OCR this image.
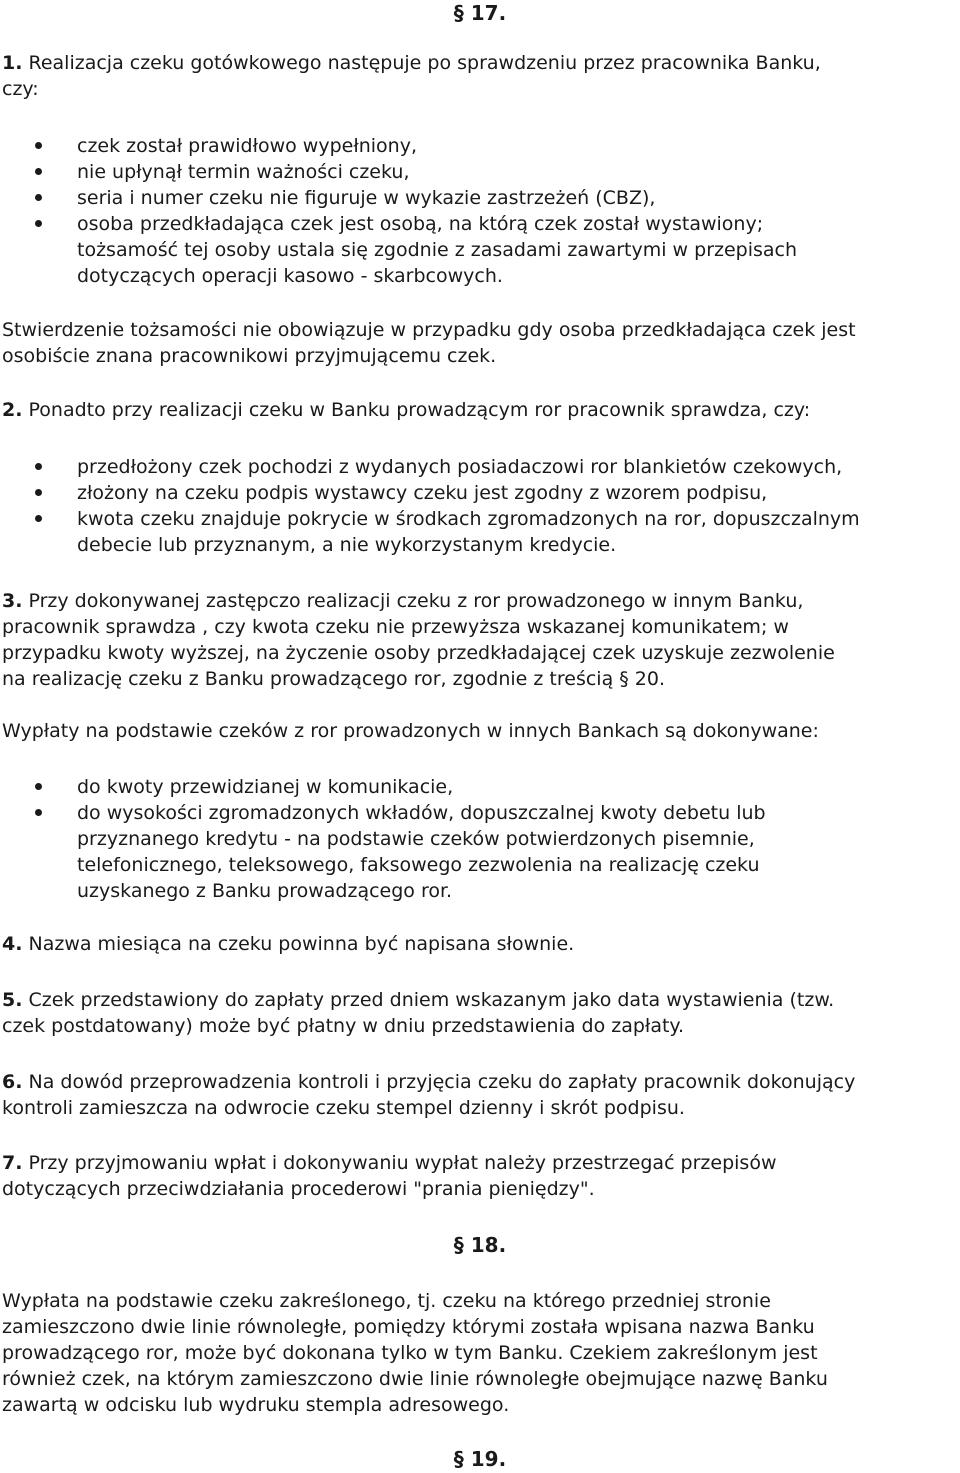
§ 17.
1. Realizacja czeku gotówkowego następuje po sprawdzeniu przez pracownika Banku,
czy:
czek został prawidłowo wypełniony,
nie upłynął termin ważności czeku,
seria i numer czeku nie figuruje w wykazie zastrzeżeń (CBZ),
osoba przedkładająca czek jest osobą, na którą czek został wystawiony;
tożsamość tej osoby ustala się zgodnie z zasadami zawartymi w przepisach
dotyczących operacji kasowo - skarbcowych.
Stwierdzenie tożsamości nie obowiązuje w przypadku gdy osoba przedkładająca czek jest
osobiście znana pracownikowi przyjmującemu czek.
2. Ponadto przy realizacji czeku w Banku prowadzącym ror pracownik sprawdza, czy:
przedłożony czek pochodzi z wydanych posiadaczowi ror blankietów czekowych,
złożony na czeku podpis wystawcy czeku jest zgodny z wzorem podpisu,
kwota czeku znajduje pokrycie w środkach zgromadzonych na ror, dopuszczalnym
debecie lub przyznanym, a nie wykorzystanym kredycie.
3. Przy dokonywanej zastępczo realizacji czeku z ror prowadzonego w innym Banku,
pracownik sprawdza , czy kwota czeku nie przewyższa wskazanej komunikatem; w
przypadku kwoty wyższej, na życzenie osoby przedkładającej czek uzyskuje zezwolenie
na realizację czeku z Banku prowadzącego ror, zgodnie z treścią § 20.
Wypłaty na podstawie czeków z ror prowadzonych w innych Bankach są dokonywane:
do kwoty przewidzianej w komunikacie,
do wysokości zgromadzonych wkładów, dopuszczalnej kwoty debetu lub
przyznanego kredytu - na podstawie czeków potwierdzonych pisemnie,
telefonicznego, teleksowego, faksowego zezwolenia na realizację czeku
uzyskanego z Banku prowadzącego ror.
4. Nazwa miesiąca na czeku powinna być napisana słownie.
5. Czek przedstawiony do zapłaty przed dniem wskazanym jako data wystawienia (tzw.
czek postdatowany) może być płatny w dniu przedstawienia do zapłaty.
6. Na dowód przeprowadzenia kontroli i przyjęcia czeku do zapłaty pracownik dokonujący
kontroli zamieszcza na odwrocie czeku stempel dzienny i skrót podpisu.
7. Przy przyjmowaniu wpłat i dokonywaniu wypłat należy przestrzegać przepisów
dotyczących przeciwdziałania procederowi "prania pieniędzy".
§ 18.
Wypłata na podstawie czeku zakreślonego, tj. czeku na którego przedniej stronie
zamieszczono dwie linie równoległe, pomiędzy którymi została wpisana nazwa Banku
prowadzącego ror, może być dokonana tylko w tym Banku. Czekiem zakreślonym jest
również czek, na którym zamieszczono dwie linie równoległe obejmujące nazwę Banku
zawartą w odcisku lub wydruku stempla adresowego.
§ 19.
